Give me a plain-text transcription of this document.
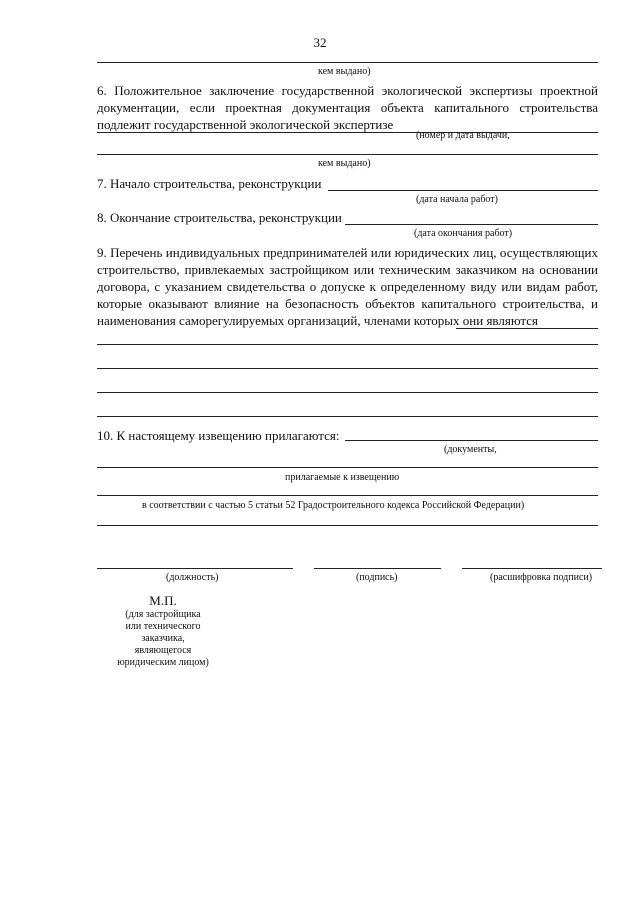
32
кем выдано)
6. Положительное заключение государственной экологической экспертизы проектной
документации, если проектная документация объекта капитального строительства
подлежит государственной экологической экспертизе
(номер и дата выдачи,
кем выдано)
7. Начало строительства, реконструкции
(дата начала работ)
8. Окончание строительства, реконструкции
(дата окончания работ)
9. Перечень индивидуальных предпринимателей или юридических лиц, осуществляющих
строительство, привлекаемых застройщиком или техническим заказчиком на основании
договора, с указанием свидетельства о допуске к определенному виду или видам работ,
которые оказывают влияние на безопасность объектов капитального строительства, и
наименования саморегулируемых организаций, членами которых они являются
10. К настоящему извещению прилагаются:
(документы,
прилагаемые к извещению
в соответствии с частью 5 статьи 52 Градостроительного кодекса Российской Федерации)
(должность)	(подпись)	(расшифровка подписи)
М.П.
(для застройщика
или технического
заказчика,
являющегося
юридическим лицом)
